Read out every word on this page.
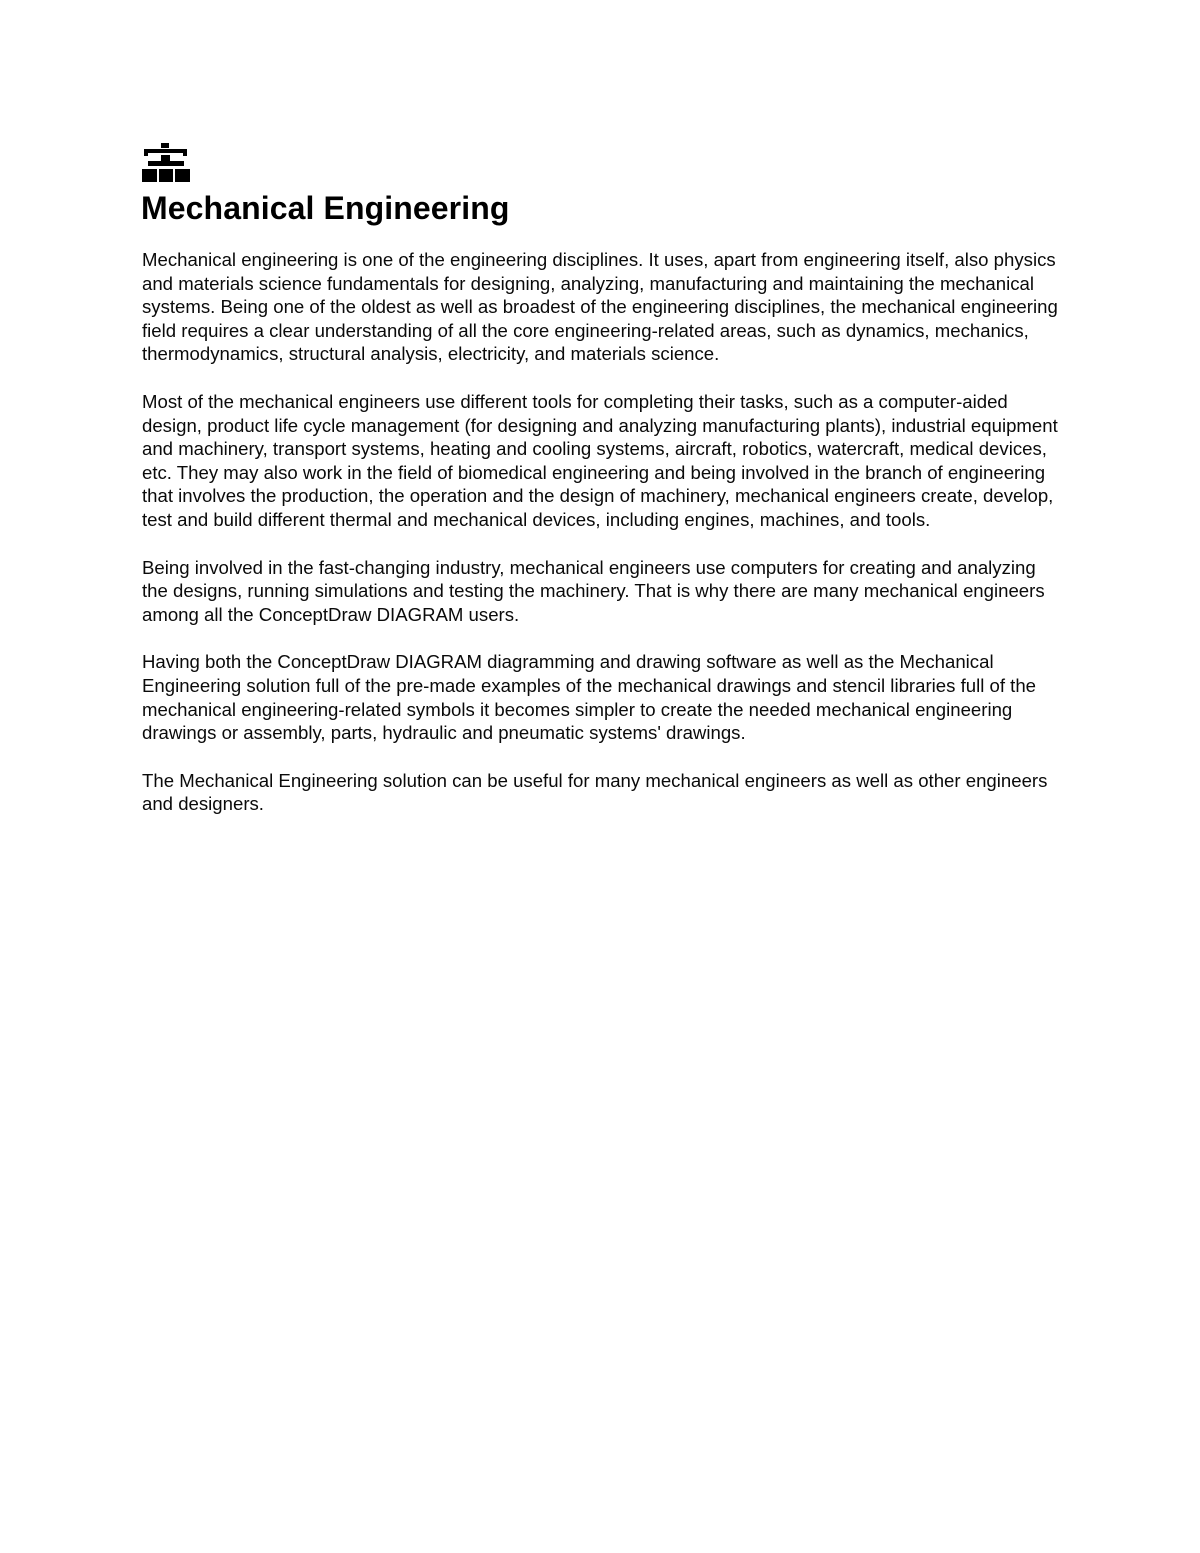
Mechanical Engineering

Mechanical engineering is one of the engineering disciplines. It uses, apart from engineering itself, also physics and materials science fundamentals for designing, analyzing, manufacturing and maintaining the mechanical systems. Being one of the oldest as well as broadest of the engineering disciplines, the mechanical engineering field requires a clear understanding of all the core engineering-related areas, such as dynamics, mechanics, thermodynamics, structural analysis, electricity, and materials science.

Most of the mechanical engineers use different tools for completing their tasks, such as a computer-aided design, product life cycle management (for designing and analyzing manufacturing plants), industrial equipment and machinery, transport systems, heating and cooling systems, aircraft, robotics, watercraft, medical devices, etc. They may also work in the field of biomedical engineering and being involved in the branch of engineering that involves the production, the operation and the design of machinery, mechanical engineers create, develop, test and build different thermal and mechanical devices, including engines, machines, and tools.

Being involved in the fast-changing industry, mechanical engineers use computers for creating and analyzing the designs, running simulations and testing the machinery. That is why there are many mechanical engineers among all the ConceptDraw DIAGRAM users.

Having both the ConceptDraw DIAGRAM diagramming and drawing software as well as the Mechanical Engineering solution full of the pre-made examples of the mechanical drawings and stencil libraries full of the mechanical engineering-related symbols it becomes simpler to create the needed mechanical engineering drawings or assembly, parts, hydraulic and pneumatic systems' drawings.

The Mechanical Engineering solution can be useful for many mechanical engineers as well as other engineers and designers.
